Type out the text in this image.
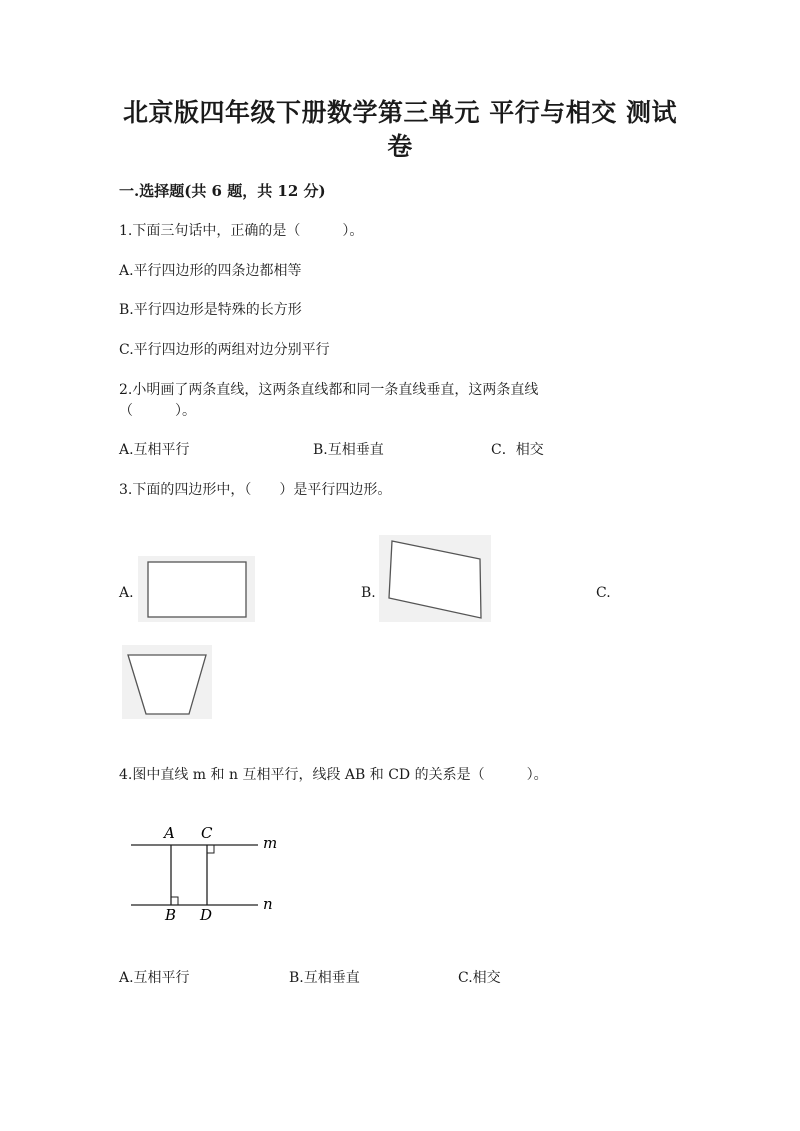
北京版四年级下册数学第三单元 平行与相交 测试
卷
一.选择题(共 6 题，共 12 分)
1.下面三句话中，正确的是（　　　）。
A.平行四边形的四条边都相等
B.平行四边形是特殊的长方形
C.平行四边形的两组对边分别平行
2.小明画了两条直线，这两条直线都和同一条直线垂直，这两条直线
（　　　）。
A.互相平行	B.互相垂直	C．相交
3.下面的四边形中，（　　）是平行四边形。
A.	B.	C.
4.图中直线 m 和 n 互相平行，线段 AB 和 CD 的关系是（　　　）。
A C
B D
m
n
A.互相平行	B.互相垂直	C.相交
